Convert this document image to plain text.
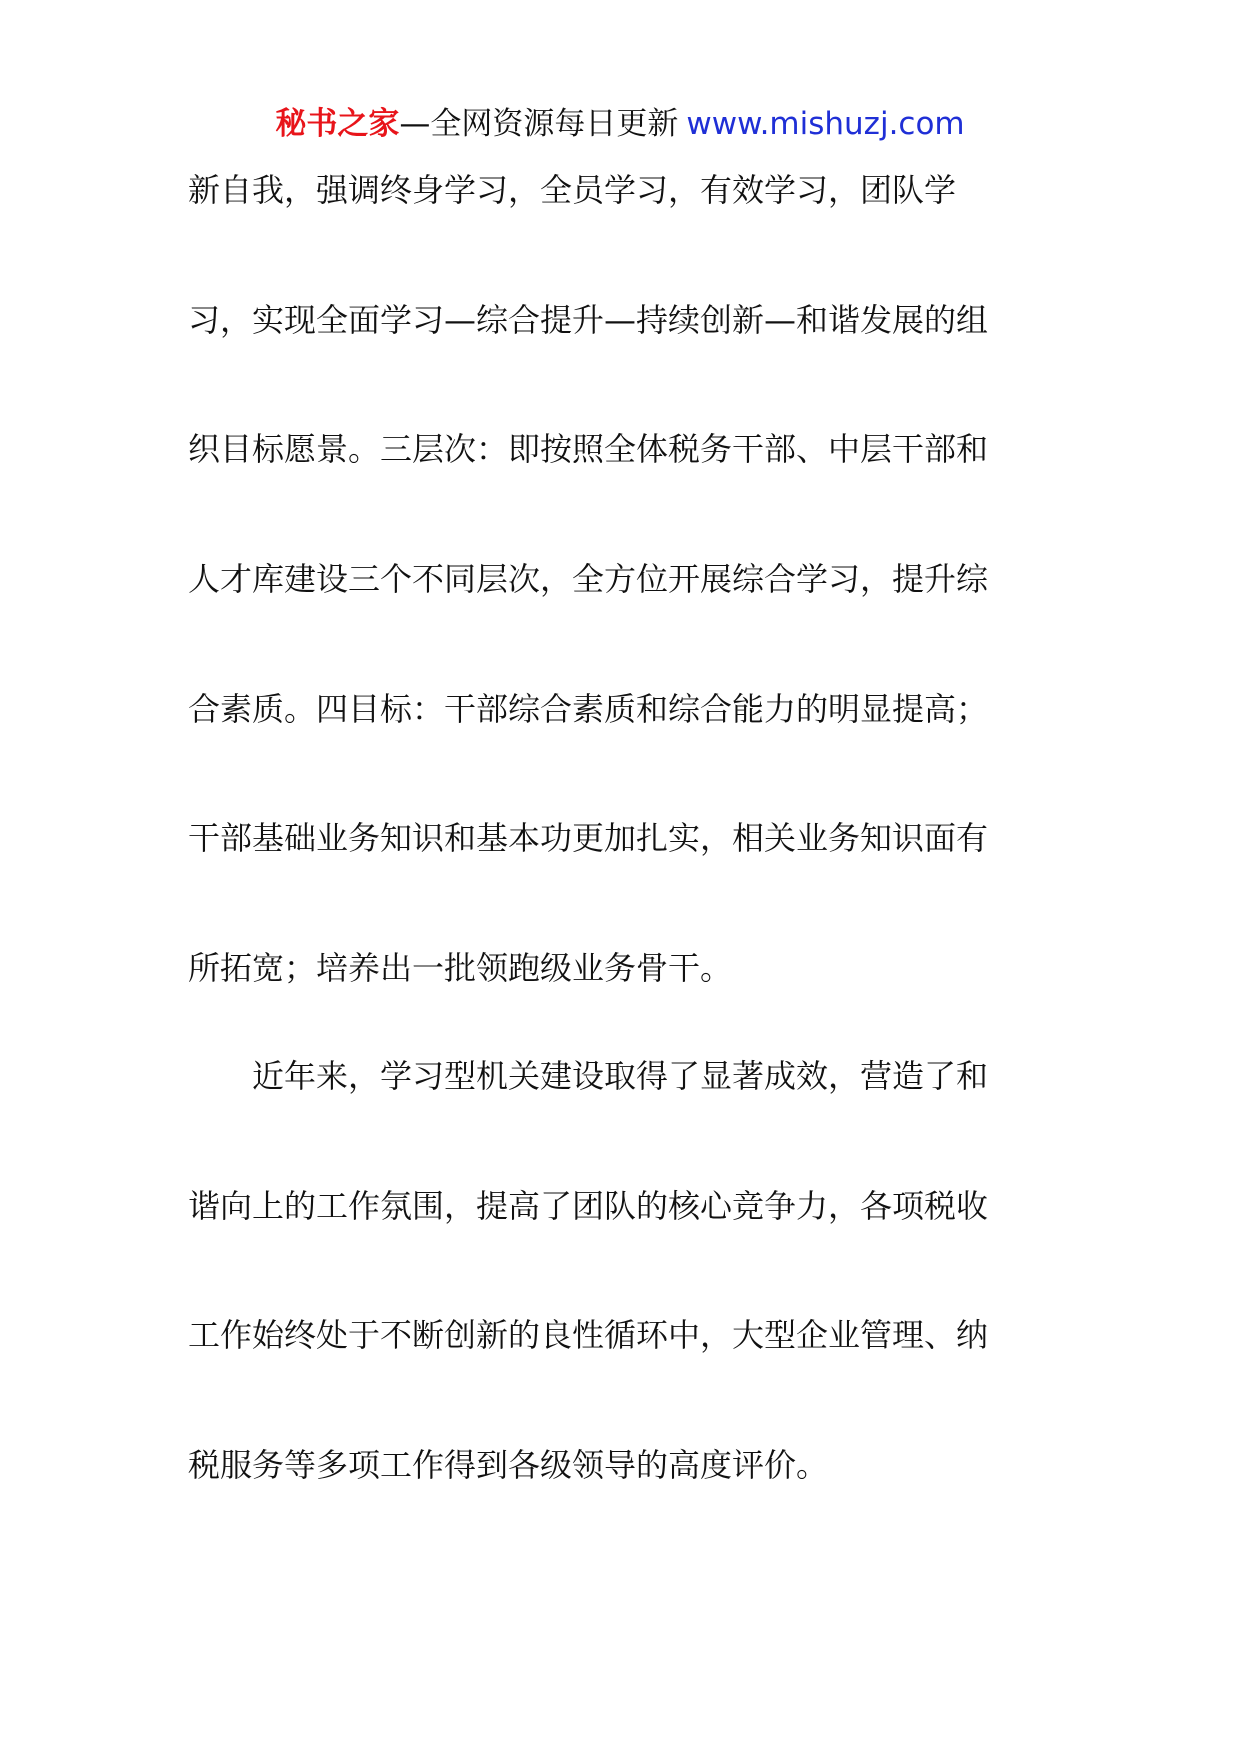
秘书之家—全网资源每日更新 www.mishuzj.com
新自我，强调终身学习，全员学习，有效学习，团队学
习，实现全面学习—综合提升—持续创新—和谐发展的组
织目标愿景。三层次：即按照全体税务干部、中层干部和
人才库建设三个不同层次，全方位开展综合学习，提升综
合素质。四目标：干部综合素质和综合能力的明显提高；
干部基础业务知识和基本功更加扎实，相关业务知识面有
所拓宽；培养出一批领跑级业务骨干。
　　近年来，学习型机关建设取得了显著成效，营造了和
谐向上的工作氛围，提高了团队的核心竞争力，各项税收
工作始终处于不断创新的良性循环中，大型企业管理、纳
税服务等多项工作得到各级领导的高度评价。
